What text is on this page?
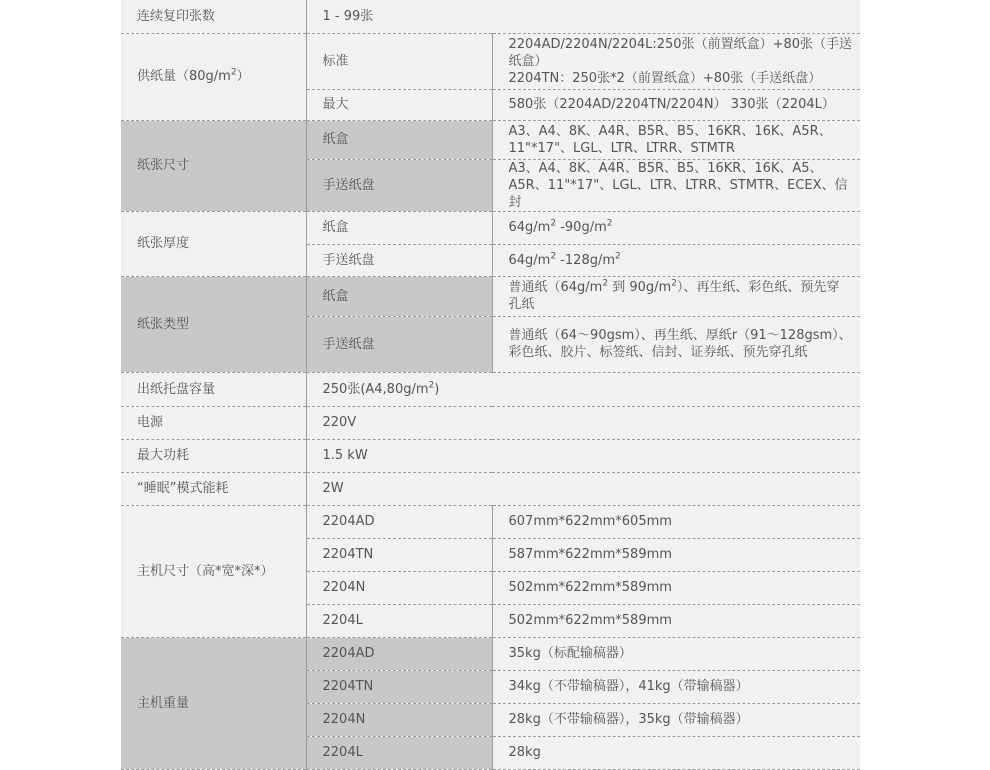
连续复印张数	1 - 99张	
供纸量$(80g/m^2)$	标准	2204AD/2204N/2204L:250张（前置纸盒）+80张（手送纸盒）
2204TN：250张*2（前置纸盒）+80张（手送纸盘）

	最大	580张（2204AD/2204TN/2204N） 330张（2204L）
纸张尺寸	纸盒	A3、A4、8K、A4R、B5R、B5、16KR、16K、A5R、11"*17"、LGL、LTR、LTRR、STMTR
	手送纸盘	A3、A4、8K、A4R、B5R、B5、16KR、16K、A5、A5R、11"*17"、LGL、LTR、LTRR、STMTR、ECEX、信封
纸张厚度	纸盒	$64g/m^2$ $-90g/m^2$
	手送纸盘	$64g/m^2$ $-128g/m^2$
纸张类型	纸盒	普通纸（$64g/m^2$ 到 $90g/m^2$）、再生纸、彩色纸、预先穿孔纸
	手送纸盘	普通纸（64～90gsm）、再生纸、厚纸r（91～128gsm）、彩色纸、胶片、标签纸、信封、证券纸、预先穿孔纸
出纸托盘容量	250张$(A4,80g/m^2)$	
电源	220V	
最大功耗	1.5 kW	
“睡眠”模式能耗	2W	
主机尺寸（高*宽*深*）	2204AD	607mm*622mm*605mm
	2204TN	587mm*622mm*589mm
	2204N	502mm*622mm*589mm
	2204L	502mm*622mm*589mm
主机重量	2204AD	35kg（标配输稿器）
	2204TN	34kg（不带输稿器），41kg（带输稿器）
	2204N	28kg（不带输稿器），35kg（带输稿器）
	2204L	28kg
